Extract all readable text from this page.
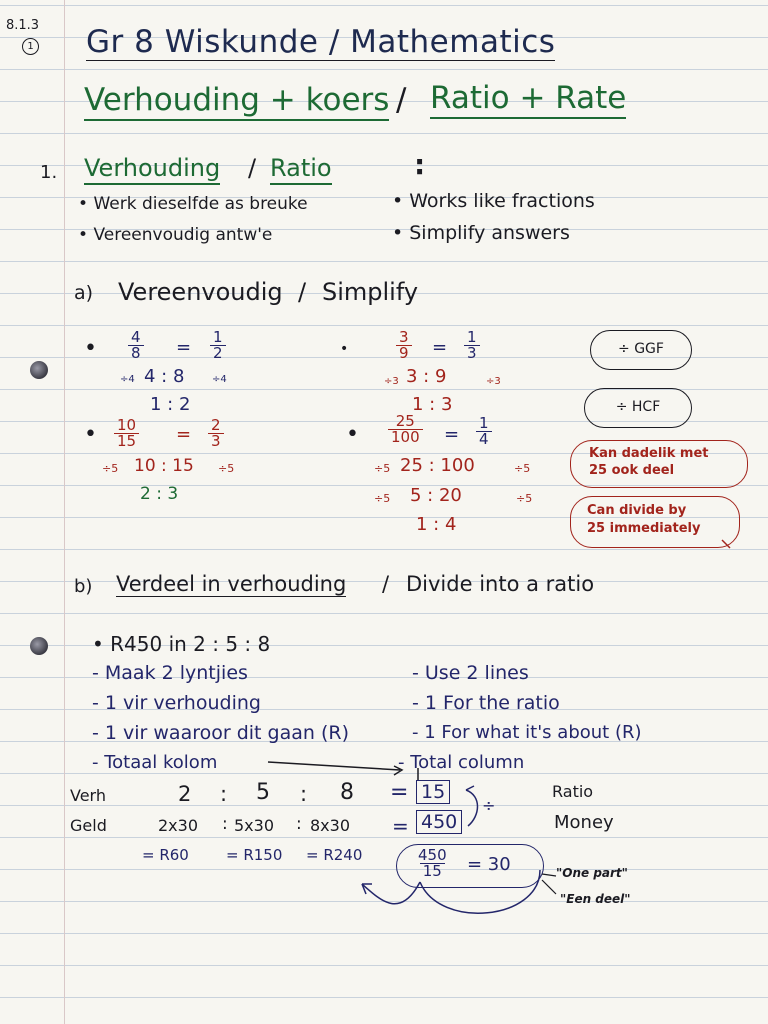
8.1.3
1 Gr 8 Wiskunde / Mathematics
Verhouding + koers / Ratio + Rate
1. Verhouding / Ratio	:
• Werk dieselfde as breuke
• Vereenvoudig antw'e
• Works like fractions
• Simplify answers
a) Vereenvoudig / Simplify
• $\frac{4}{8} = \frac{1}{2}$
÷4 4 : 8	÷4
1 : 2
•	$\frac{3}{9} = \frac{1}{3}$
÷3 3 : 9	÷3
1 : 3
• $\frac{10}{15} = \frac{2}{3}$
÷5 10 : 15 ÷5
2 : 3
• $\frac{25}{100} = \frac{1}{4}$
÷5 25 : 100	÷5
÷5 5 : 20	÷5
1 : 4
÷ GGF
÷ HCF
Kan dadelik met
25 ook deel
Can divide by
25 immediately
b) Verdeel in verhouding / Divide into a ratio
• R450 in 2 : 5 : 8
- Maak 2 lyntjies
- 1 vir verhouding
- 1 vir waaroor dit gaan (R)
- Totaal kolom
- Use 2 lines
- 1 For the ratio
- 1 For what it's about (R)
- Total column
Verh	2 : 5 : 8 = 15	Ratio
Geld	2x30 : 5x30 : 8x30 = 450	Money
÷
= R60 = R150 = R240	$\frac{450}{15} = 30$	"One part"
"Een deel"
